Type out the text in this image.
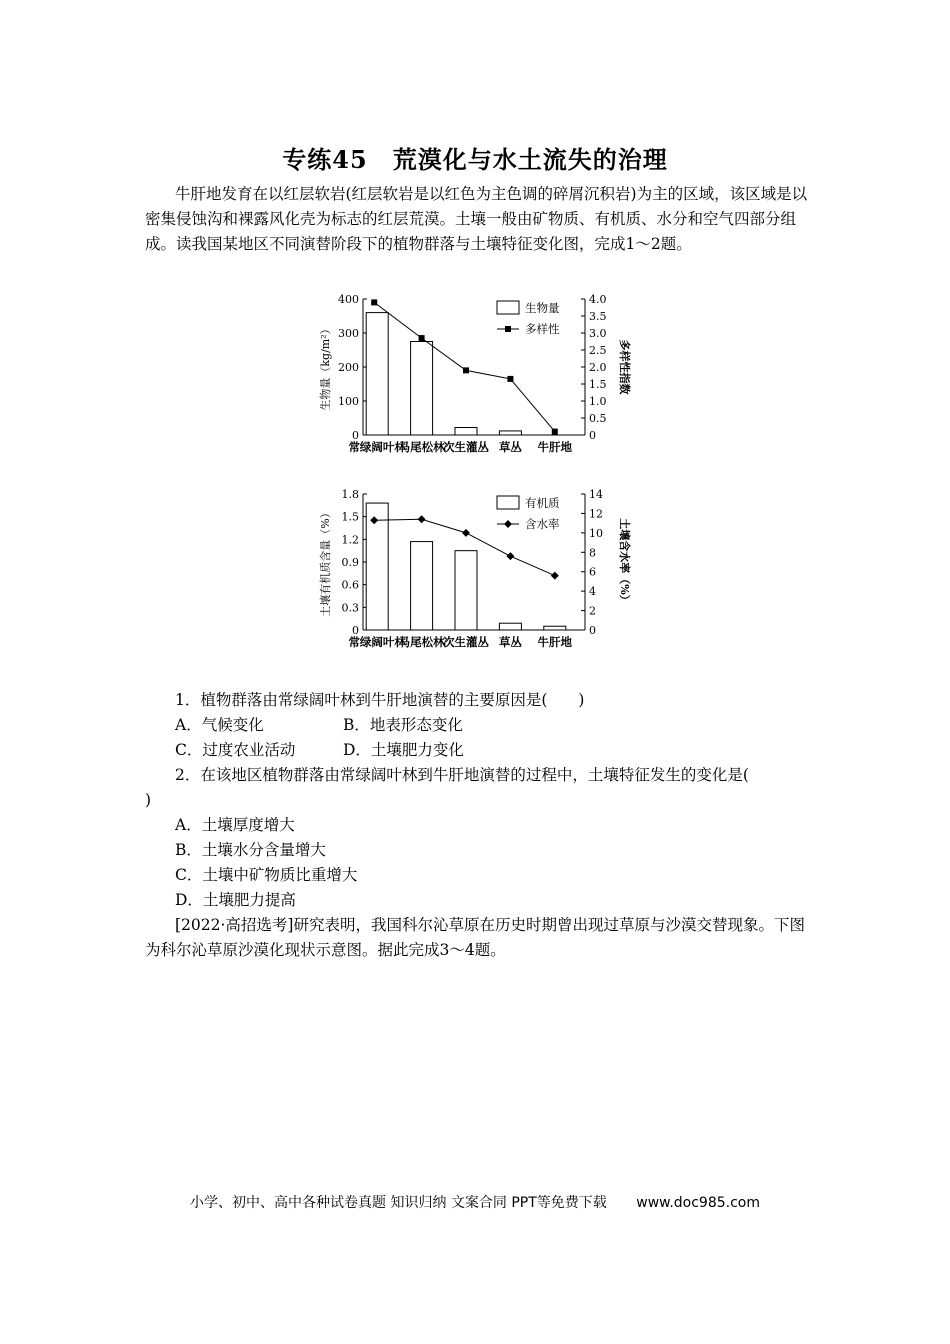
专练45　荒漠化与水土流失的治理

牛肝地发育在以红层软岩(红层软岩是以红色为主色调的碎屑沉积岩)为主的区域，该区域是以密集侵蚀沟和裸露风化壳为标志的红层荒漠。土壤一般由矿物质、有机质、水分和空气四部分组成。读我国某地区不同演替阶段下的植物群落与土壤特征变化图，完成1～2题。

0
100
200
300
400
0
0.5
1.0
1.5
2.0
2.5
3.0
3.5
4.0
生物量（kg/m²）	多样性指数
常绿阔叶林
马尾松林
次生灌丛 草丛 牛肝地
生物量
多样性
0
0.3
0.6
0.9
1.2
1.5
1.8
0
2
4
6
8
10
12
14
土壤有机质含量（%）	土壤含水率（%）
常绿阔叶林
马尾松林
次生灌丛 草丛 牛肝地
有机质
含水率
1．植物群落由常绿阔叶林到牛肝地演替的主要原因是(　　)
A．气候变化	B．地表形态变化
C．过度农业活动	D．土壤肥力变化
2．在该地区植物群落由常绿阔叶林到牛肝地演替的过程中，土壤特征发生的变化是(
)
A．土壤厚度增大
B．土壤水分含量增大
C．土壤中矿物质比重增大
D．土壤肥力提高

[2022·高招选考]研究表明，我国科尔沁草原在历史时期曾出现过草原与沙漠交替现象。下图为科尔沁草原沙漠化现状示意图。据此完成3～4题。

小学、初中、高中各种试卷真题 知识归纳 文案合同 PPT等免费下载 www.doc985.com
